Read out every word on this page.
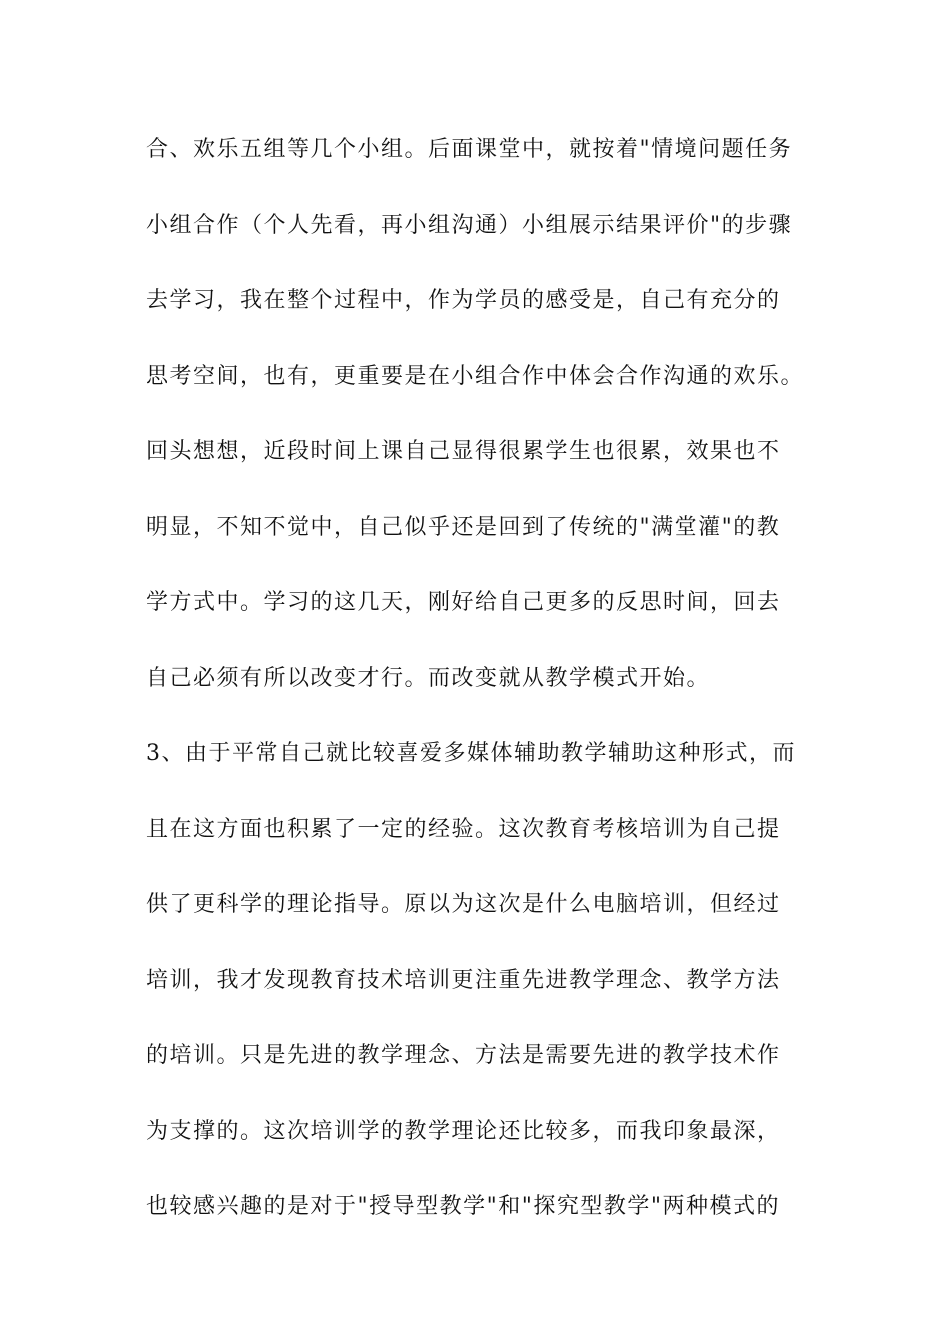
合、欢乐五组等几个小组。后面课堂中，就按着"情境问题任务
小组合作（个人先看，再小组沟通）小组展示结果评价"的步骤
去学习，我在整个过程中，作为学员的感受是，自己有充分的
思考空间，也有，更重要是在小组合作中体会合作沟通的欢乐。
回头想想，近段时间上课自己显得很累学生也很累，效果也不
明显，不知不觉中，自己似乎还是回到了传统的"满堂灌"的教
学方式中。学习的这几天，刚好给自己更多的反思时间，回去
自己必须有所以改变才行。而改变就从教学模式开始。
3、由于平常自己就比较喜爱多媒体辅助教学辅助这种形式，而
且在这方面也积累了一定的经验。这次教育考核培训为自己提
供了更科学的理论指导。原以为这次是什么电脑培训，但经过
培训，我才发现教育技术培训更注重先进教学理念、教学方法
的培训。只是先进的教学理念、方法是需要先进的教学技术作
为支撑的。这次培训学的教学理论还比较多，而我印象最深，
也较感兴趣的是对于"授导型教学"和"探究型教学"两种模式的
